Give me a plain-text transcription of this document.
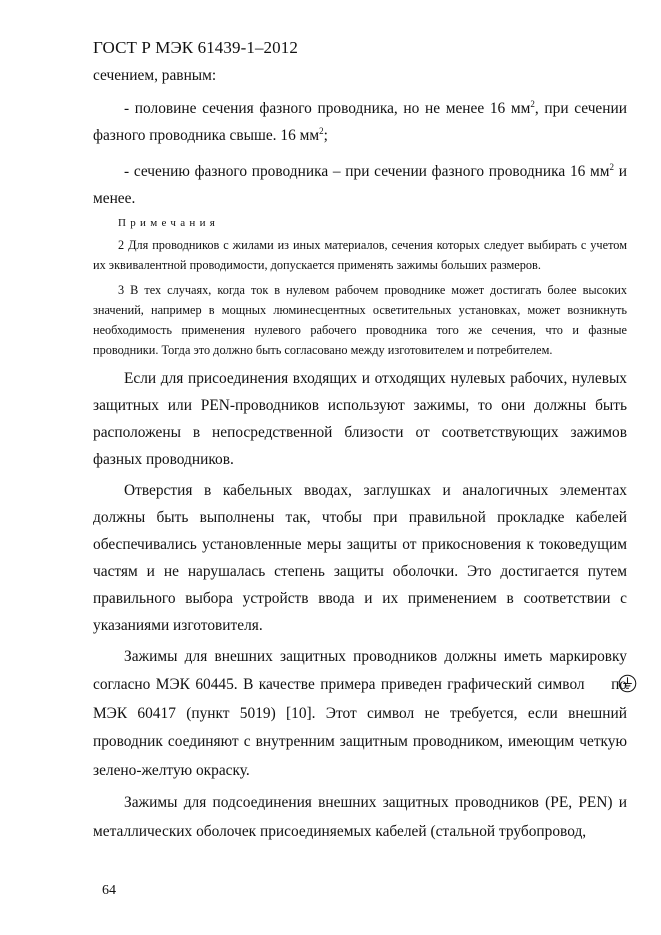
ГОСТ Р МЭК 61439-1–2012

сечением, равным:

- половине сечения фазного проводника, но не менее 16 $мм^2$, при сечении фазного проводника свыше. 16 $мм^2$;

- сечению фазного проводника – при сечении фазного проводника 16 $мм^2$ и менее.

Примечания

2 Для проводников с жилами из иных материалов, сечения которых следует выбирать с учетом их эквивалентной проводимости, допускается применять зажимы больших размеров.

3 В тех случаях, когда ток в нулевом рабочем проводнике может достигать более высоких значений, например в мощных люминесцентных осветительных установках, может возникнуть необходимость применения нулевого рабочего проводника того же сечения, что и фазные проводники. Тогда это должно быть согласовано между изготовителем и потребителем.

Если для присоединения входящих и отходящих нулевых рабочих, нулевых защитных или PEN-проводников используют зажимы, то они должны быть расположены в непосредственной близости от соответствующих зажимов фазных проводников.

Отверстия в кабельных вводах, заглушках и аналогичных элементах должны быть выполнены так, чтобы при правильной прокладке кабелей обеспечивались установленные меры защиты от прикосновения к токоведущим частям и не нарушалась степень защиты оболочки. Это достигается путем правильного выбора устройств ввода и их применением в соответствии с указаниями изготовителя.

Зажимы для внешних защитных проводников должны иметь маркировку согласно МЭК 60445. В качестве примера приведен графический символ по МЭК 60417 (пункт 5019) [10]. Этот символ не требуется, если внешний проводник соединяют с внутренним защитным проводником, имеющим четкую зелено-желтую окраску.

Зажимы для подсоединения внешних защитных проводников (PE, PEN) и металлических оболочек присоединяемых кабелей (стальной трубопровод,

64
